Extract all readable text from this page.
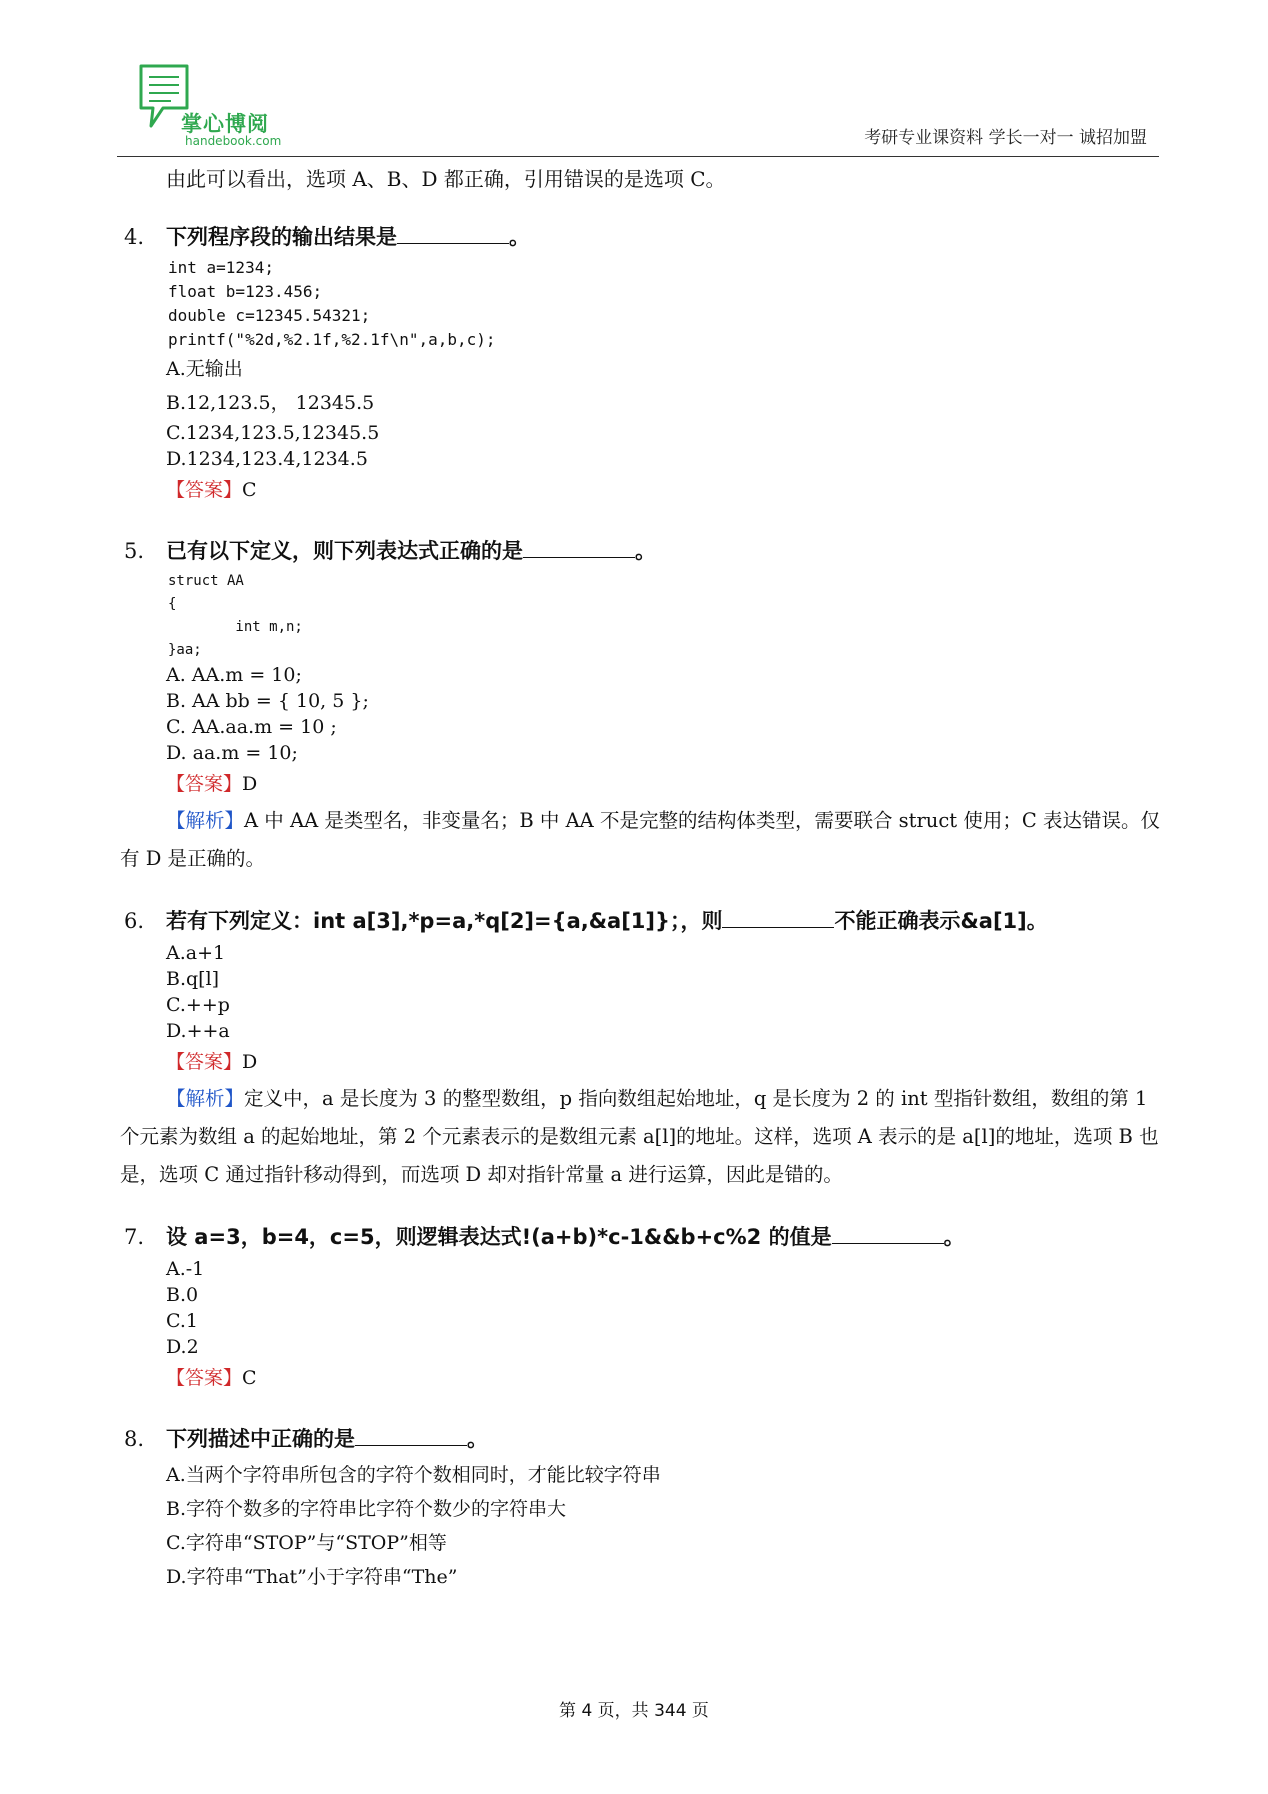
掌心博阅
handebook.com	考研专业课资料 学长一对一 诚招加盟

由此可以看出，选项 A、B、D 都正确，引用错误的是选项 C。

4. 下列程序段的输出结果是	。
int a=1234;
float b=123.456;
double c=12345.54321;
printf("%2d,%2.1f,%2.1f\n",a,b,c);
A.无输出
B.12,123.5， 12345.5
C.1234,123.5,12345.5
D.1234,123.4,1234.5
【答案】C
5. 已有以下定义，则下列表达式正确的是	。
struct AA
{
int m,n;
}aa;
A. AA.m = 10;
B. AA bb = { 10, 5 };
C. AA.aa.m = 10 ;
D. aa.m = 10;
【答案】D

【解析】A 中 AA 是类型名，非变量名；B 中 AA 不是完整的结构体类型，需要联合 struct 使用；C 表达错误。仅有 D 是正确的。

6. 若有下列定义：int a[3],*p=a,*q[2]={a,&a[1]}；，则	不能正确表示&a[1]。
A.a+1
B.q[l]
C.++p
D.++a
【答案】D

【解析】定义中，a 是长度为 3 的整型数组，p 指向数组起始地址，q 是长度为 2 的 int 型指针数组，数组的第 1 个元素为数组 a 的起始地址，第 2 个元素表示的是数组元素 a[l]的地址。这样，选项 A 表示的是 a[l]的地址，选项 B 也是，选项 C 通过指针移动得到，而选项 D 却对指针常量 a 进行运算，因此是错的。

7. 设 a=3，b=4，c=5，则逻辑表达式!(a+b)*c-1&&b+c%2 的值是	。
A.-1
B.0
C.1
D.2
【答案】C
8. 下列描述中正确的是	。
A.当两个字符串所包含的字符个数相同时，才能比较字符串
B.字符个数多的字符串比字符个数少的字符串大
C.字符串“STOP”与“STOP”相等
D.字符串“That”小于字符串“The”
第 4 页，共 344 页
